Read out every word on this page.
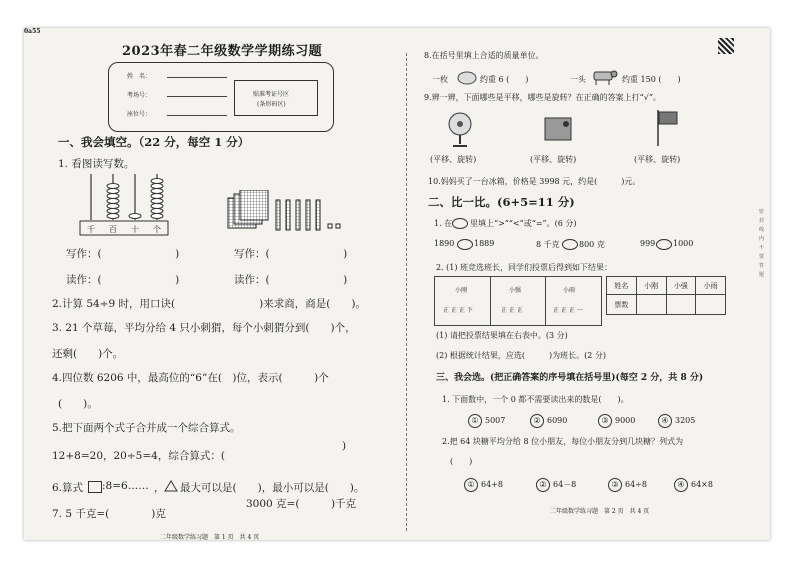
0a55
2023年春二年级数学学期练习题
姓　名：
考场号：
座位号：
贴准考证号区
(条形码区)
一、我会填空。（22 分，每空 1 分）
1. 看图读写数。
千 百 十 个
写作：(　　　　　　　)	写作：(　　　　　　　)
读作：(　　　　　　　)	读作：(　　　　　　　)
2.计算 54÷9 时，用口诀(　　　　　　　　)来求商，商是(　　)。
3. 21 个草莓，平均分给 4 只小刺猬，每个小刺猬分到(　　)个，
还剩(　　)个。
4.四位数 6206 中，最高位的“6”在(　)位，表示(　　　)个
(　　)。
5.把下面两个式子合并成一个综合算式。
)
12+8=20，20÷5=4，综合算式：(
6.算式 :8=6…… ， 最大可以是(　　)，最小可以是(　　)。
7. 5 千克=(　　　　)克
3000 克=(　　　)千克
二年级数学练习题　第 1 页　共 4 页
8.在括号里填上合适的质量单位。
一枚	约重 6 (　　)	一头	约重 150 (　　)
9.辨一辨，下面哪些是平移，哪些是旋转？在正确的答案上打“√”。
(平移、旋转)	(平移、旋转)	(平移、旋转)
10.妈妈买了一台冰箱，价格是 3998 元，约是(　　　)元。
二、比一比。(6+5=11 分)
1. 在 里填上“>”“<”或“=”。(6 分)
1890 1889	8 千克 800 克	999 1000
2. (1) 班竞选班长，同学们投票后得到如下结果：
小刚	小强	小雨
正 正 正 下	正 正 正	正 正 正 一
姓名	小刚	小强	小雨
票数			
(1) 请把投票结果填在右表中。(3 分)
(2) 根据统计结果，应选(　　　)为班长。(2 分)
三、我会选。(把正确答案的序号填在括号里)(每空 2 分，共 8 分)
1. 下面数中，一个 0 都不需要读出来的数是(　　)。
① 5007	② 6090	③ 9000	④ 3205
2.把 64 块糖平均分给 8 位小朋友，每位小朋友分到几块糖？列式为
(　　)
① 64+8	② 64－8	③ 64÷8	④ 64×8
二年级数学练习题　第 2 页　共 4 页
密 封 线 内 不 要 答 题
